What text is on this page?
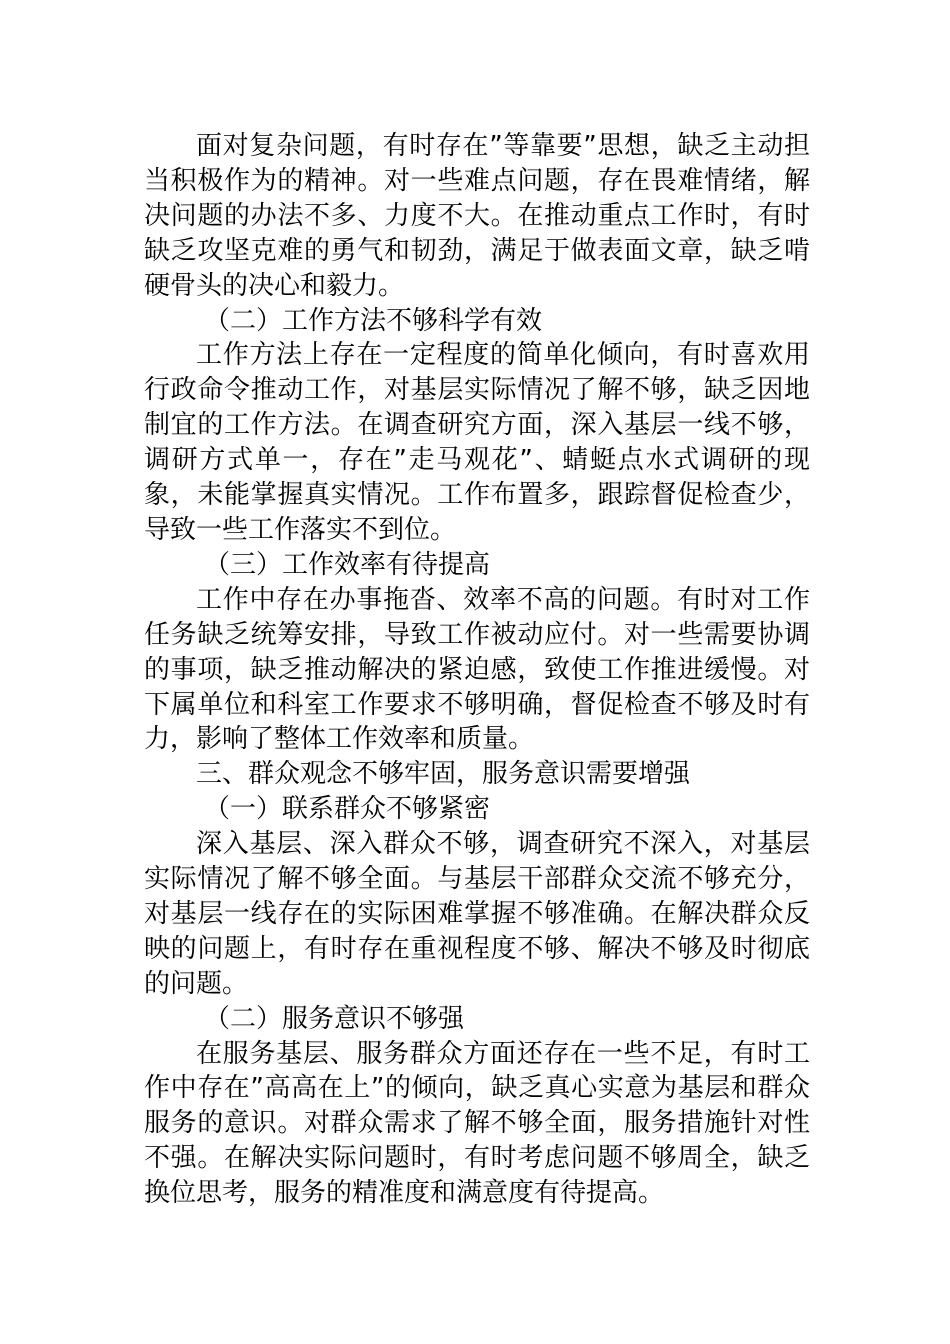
面对复杂问题，有时存在”等靠要”思想，缺乏主动担当积极作为的精神。对一些难点问题，存在畏难情绪，解决问题的办法不多、力度不大。在推动重点工作时，有时缺乏攻坚克难的勇气和韧劲，满足于做表面文章，缺乏啃硬骨头的决心和毅力。

（二）工作方法不够科学有效

工作方法上存在一定程度的简单化倾向，有时喜欢用行政命令推动工作，对基层实际情况了解不够，缺乏因地制宜的工作方法。在调查研究方面，深入基层一线不够，调研方式单一，存在”走马观花”、蜻蜓点水式调研的现象，未能掌握真实情况。工作布置多，跟踪督促检查少，导致一些工作落实不到位。

（三）工作效率有待提高

工作中存在办事拖沓、效率不高的问题。有时对工作任务缺乏统筹安排，导致工作被动应付。对一些需要协调的事项，缺乏推动解决的紧迫感，致使工作推进缓慢。对下属单位和科室工作要求不够明确，督促检查不够及时有力，影响了整体工作效率和质量。

三、群众观念不够牢固，服务意识需要增强

（一）联系群众不够紧密

深入基层、深入群众不够，调查研究不深入，对基层实际情况了解不够全面。与基层干部群众交流不够充分，对基层一线存在的实际困难掌握不够准确。在解决群众反映的问题上，有时存在重视程度不够、解决不够及时彻底的问题。

（二）服务意识不够强

在服务基层、服务群众方面还存在一些不足，有时工作中存在”高高在上”的倾向，缺乏真心实意为基层和群众服务的意识。对群众需求了解不够全面，服务措施针对性不强。在解决实际问题时，有时考虑问题不够周全，缺乏换位思考，服务的精准度和满意度有待提高。
